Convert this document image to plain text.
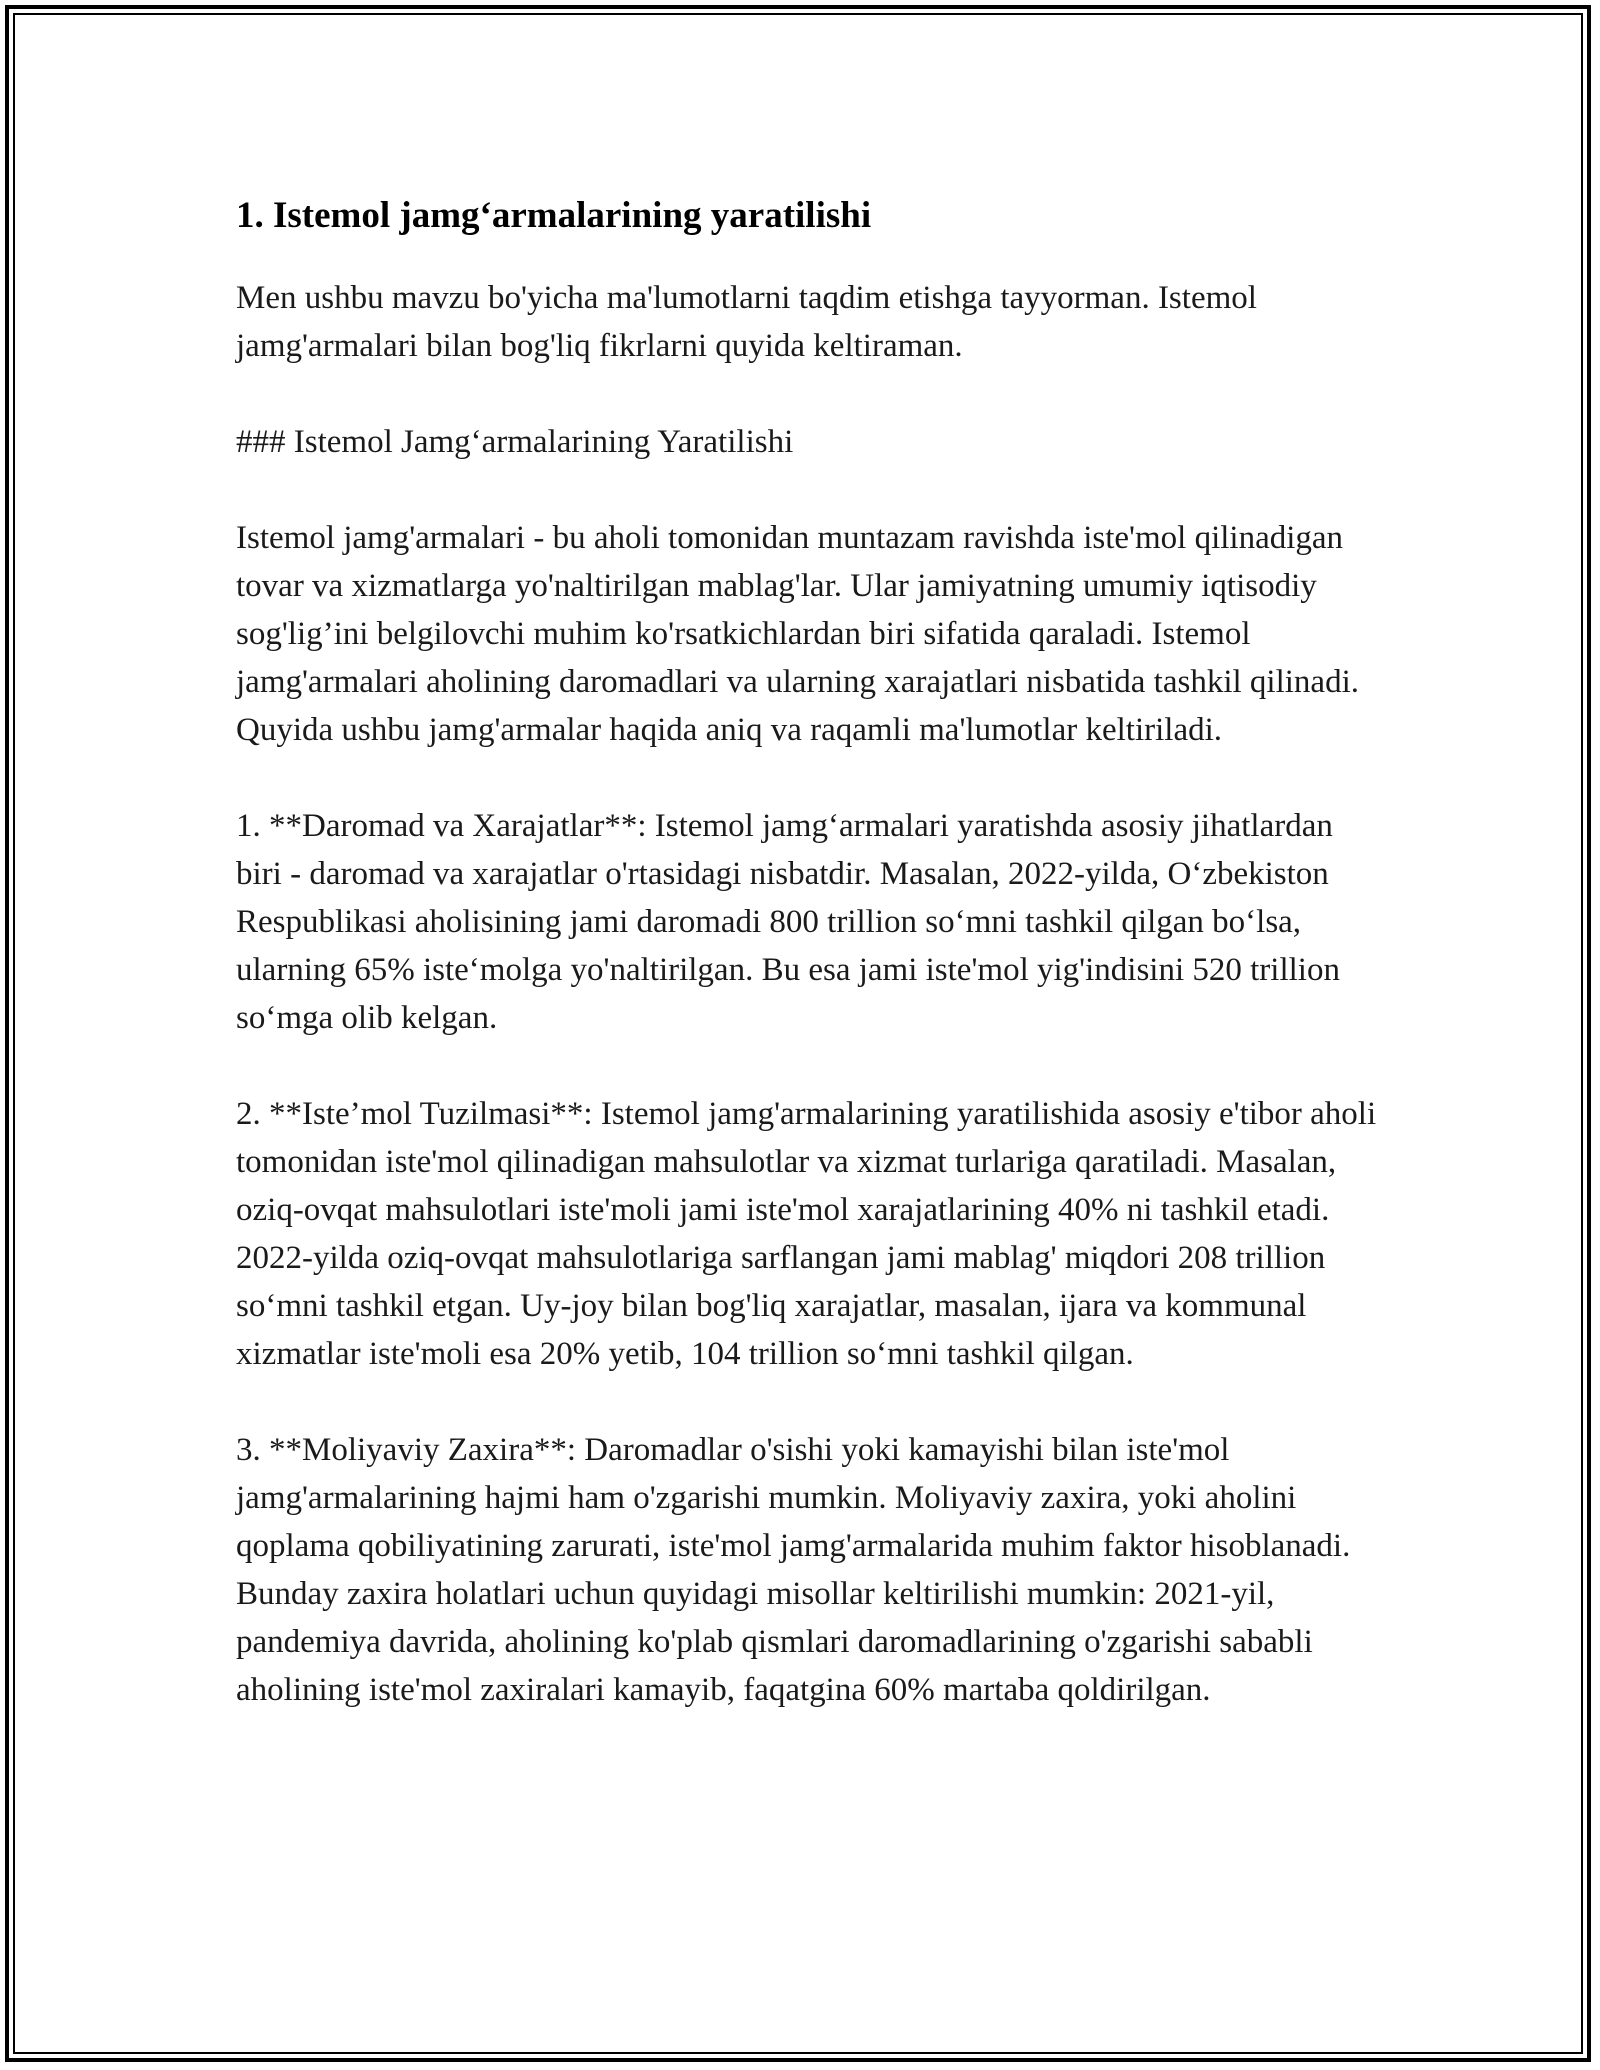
1. Istemol jamg‘armalarining yaratilishi

Men ushbu mavzu bo'yicha ma'lumotlarni taqdim etishga tayyorman. Istemol jamg'armalari bilan bog'liq fikrlarni quyida keltiraman.

### Istemol Jamg‘armalarining Yaratilishi

Istemol jamg'armalari - bu aholi tomonidan muntazam ravishda iste'mol qilinadigan tovar va xizmatlarga yo'naltirilgan mablag'lar. Ular jamiyatning umumiy iqtisodiy sog'lig’ini belgilovchi muhim ko'rsatkichlardan biri sifatida qaraladi. Istemol jamg'armalari aholining daromadlari va ularning xarajatlari nisbatida tashkil qilinadi. Quyida ushbu jamg'armalar haqida aniq va raqamli ma'lumotlar keltiriladi.

1. **Daromad va Xarajatlar**: Istemol jamg‘armalari yaratishda asosiy jihatlardan biri - daromad va xarajatlar o'rtasidagi nisbatdir. Masalan, 2022-yilda, O‘zbekiston Respublikasi aholisining jami daromadi 800 trillion so‘mni tashkil qilgan bo‘lsa, ularning 65% iste‘molga yo'naltirilgan. Bu esa jami iste'mol yig'indisini 520 trillion so‘mga olib kelgan.

2. **Iste’mol Tuzilmasi**: Istemol jamg'armalarining yaratilishida asosiy e'tibor aholi tomonidan iste'mol qilinadigan mahsulotlar va xizmat turlariga qaratiladi. Masalan, oziq-ovqat mahsulotlari iste'moli jami iste'mol xarajatlarining 40% ni tashkil etadi. 2022-yilda oziq-ovqat mahsulotlariga sarflangan jami mablag' miqdori 208 trillion so‘mni tashkil etgan. Uy-joy bilan bog'liq xarajatlar, masalan, ijara va kommunal xizmatlar iste'moli esa 20% yetib, 104 trillion so‘mni tashkil qilgan.

3. **Moliyaviy Zaxira**: Daromadlar o'sishi yoki kamayishi bilan iste'mol jamg'armalarining hajmi ham o'zgarishi mumkin. Moliyaviy zaxira, yoki aholini qoplama qobiliyatining zarurati, iste'mol jamg'armalarida muhim faktor hisoblanadi. Bunday zaxira holatlari uchun quyidagi misollar keltirilishi mumkin: 2021-yil, pandemiya davrida, aholining ko'plab qismlari daromadlarining o'zgarishi sababli aholining iste'mol zaxiralari kamayib, faqatgina 60% martaba qoldirilgan.
